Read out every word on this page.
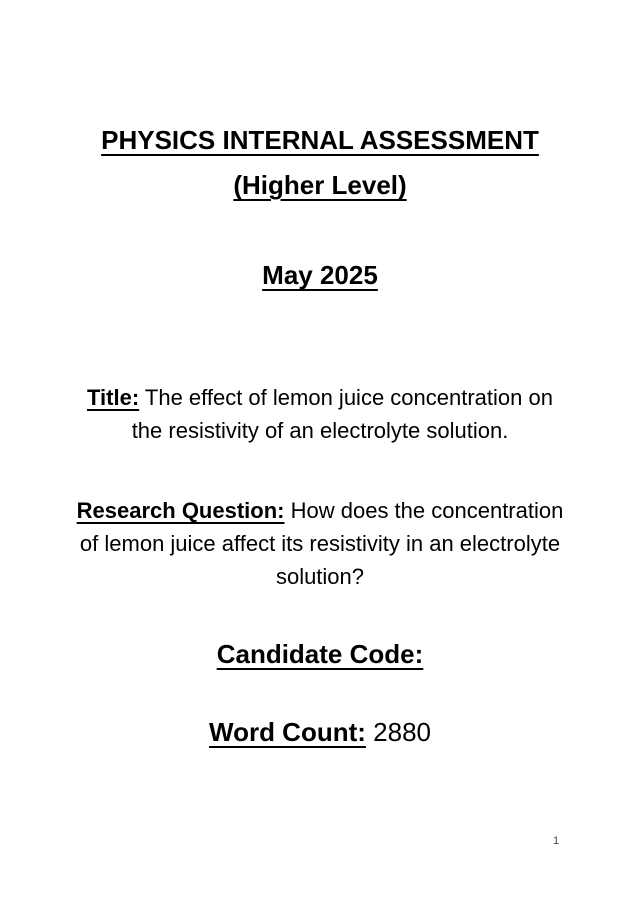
PHYSICS INTERNAL ASSESSMENT
(Higher Level)
May 2025

Title: The effect of lemon juice concentration on
the resistivity of an electrolyte solution.

Research Question: How does the concentration
of lemon juice affect its resistivity in an electrolyte
solution?

Candidate Code:
Word Count: 2880
1
